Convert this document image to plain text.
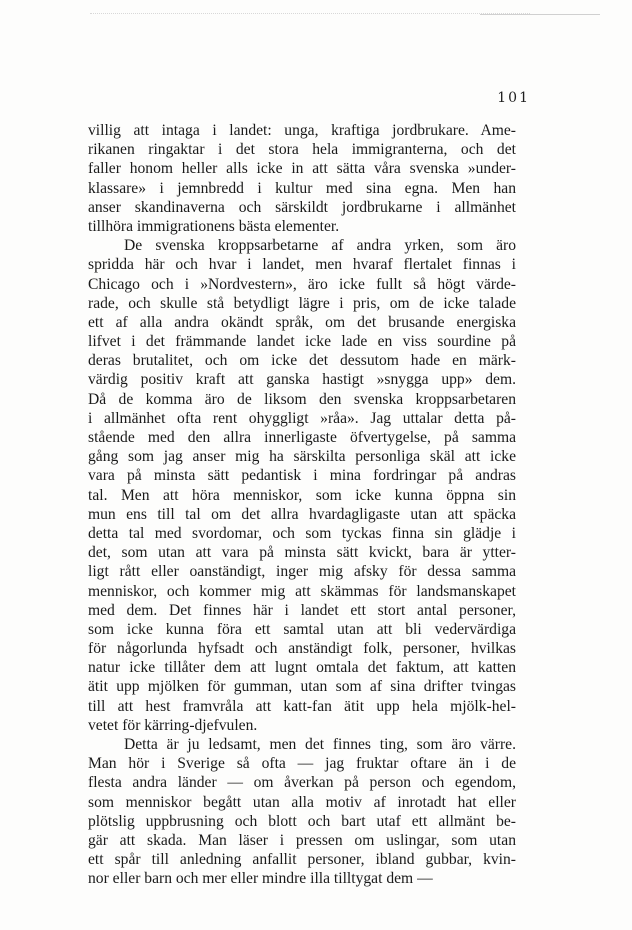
101
villig att intaga i landet: unga, kraftiga jordbrukare. Ame-
rikanen ringaktar i det stora hela immigranterna, och det
faller honom heller alls icke in att sätta våra svenska »under-
klassare» i jemnbredd i kultur med sina egna. Men han
anser skandinaverna och särskildt jordbrukarne i allmänhet
tillhöra immigrationens bästa elementer.
De svenska kroppsarbetarne af andra yrken, som äro
spridda här och hvar i landet, men hvaraf flertalet finnas i
Chicago och i »Nordvestern», äro icke fullt så högt värde-
rade, och skulle stå betydligt lägre i pris, om de icke talade
ett af alla andra okändt språk, om det brusande energiska
lifvet i det främmande landet icke lade en viss sourdine på
deras brutalitet, och om icke det dessutom hade en märk-
värdig positiv kraft att ganska hastigt »snygga upp» dem.
Då de komma äro de liksom den svenska kroppsarbetaren
i allmänhet ofta rent ohyggligt »råa». Jag uttalar detta på-
stående med den allra innerligaste öfvertygelse, på samma
gång som jag anser mig ha särskilta personliga skäl att icke
vara på minsta sätt pedantisk i mina fordringar på andras
tal. Men att höra menniskor, som icke kunna öppna sin
mun ens till tal om det allra hvardagligaste utan att späcka
detta tal med svordomar, och som tyckas finna sin glädje i
det, som utan att vara på minsta sätt kvickt, bara är ytter-
ligt rått eller oanständigt, inger mig afsky för dessa samma
menniskor, och kommer mig att skämmas för landsmanskapet
med dem. Det finnes här i landet ett stort antal personer,
som icke kunna föra ett samtal utan att bli vedervärdiga
för någorlunda hyfsadt och anständigt folk, personer, hvilkas
natur icke tillåter dem att lugnt omtala det faktum, att katten
ätit upp mjölken för gumman, utan som af sina drifter tvingas
till att hest framvråla att katt-fan ätit upp hela mjölk-hel-
vetet för kärring-djefvulen.
Detta är ju ledsamt, men det finnes ting, som äro värre.
Man hör i Sverige så ofta — jag fruktar oftare än i de
flesta andra länder — om åverkan på person och egendom,
som menniskor begått utan alla motiv af inrotadt hat eller
plötslig uppbrusning och blott och bart utaf ett allmänt be-
gär att skada. Man läser i pressen om uslingar, som utan
ett spår till anledning anfallit personer, ibland gubbar, kvin-
nor eller barn och mer eller mindre illa tilltygat dem —
